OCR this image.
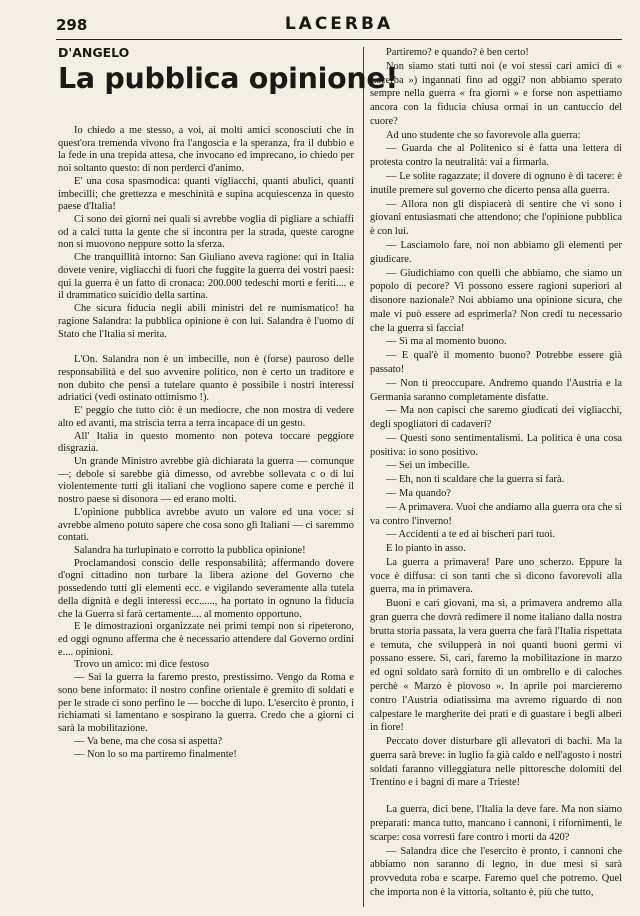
298	LACERBA
D'ANGELO
La pubblica opinione!

Io chiedo a me stesso, a voi, ai molti amici sconosciuti che in quest'ora tremenda vivono fra l'angoscia e la speranza, fra il dubbio e la fede in una trepida attesa, che invocano ed imprecano, io chiedo per noi soltanto questo: di non perderci d'animo.

E' una cosa spasmodica: quanti vigliacchi, quanti abulici, quanti imbecilli; che grettezza e meschinità e supina acquiescenza in questo paese d'Italia!

Ci sono dei giorni nei quali si avrebbe voglia di pigliare a schiaffi od a calci tutta la gente che si incontra per la strada, queste carogne non si muovono neppure sotto la sferza.

Che tranquillità intorno: San Giuliano aveva ragione: qui in Italia dovete venire, vigliacchi di fuori che fuggite la guerra dei vostri paesi: qui la guerra è un fatto di cronaca: 200.000 tedeschi morti e feriti.... e il drammatico suicidio della sartina.

Che sicura fiducia negli abili ministri del re numismatico! ha ragione Salandra: la pubblica opinione è con lui. Salandra è l'uomo di Stato che l'Italia si merita.

L'On. Salandra non è un imbecille, non è (forse) pauroso delle responsabilità e del suo avvenire politico, non è certo un traditore e non dubito che pensi a tutelare quanto è possibile i nostri interessi adriatici (vedi ostinato ottimismo !).

E' peggio che tutto ciò: è un mediocre, che non mostra di vedere alto ed avanti, ma striscia terra a terra incapace di un gesto.

All' Italia in questo momento non poteva toccare peggiore disgrazia.

Un grande Ministro avrebbe già dichiarata la guerra — comunque —; debole si sarebbe già dimesso, od avrebbe sollevata c o di lui violentemente tutti gli italiani che vogliono sapere come e perchè il nostro paese si disonora — ed erano molti.

L'opinione pubblica avrebbe avuto un valore ed una voce: si avrebbe almeno potuto sapere che cosa sono gli Italiani — ci saremmo contati.

Salandra ha turlupinato e corrotto la pubblica opinione!

Proclamandosi conscio delle responsabilità; affermando dovere d'ogni cittadino non turbare la libera azione del Governo che possedendo tutti gli elementi ecc. e vigilando severamente alla tutela della dignità e degli interessi ecc......, ha portato in ognuno la fiducia che la Guerra si farà certamente.... al momento opportuno.

E le dimostrazioni organizzate nei primi tempi non si ripeterono, ed oggi ognuno afferma che è necessario attendere dal Governo ordini e.... opinioni.

Trovo un amico: mi dice festoso

— Sai la guerra la faremo presto, prestissimo. Vengo da Roma e sono bene informato: il nostro confine orientale è gremito di soldati e per le strade ci sono perfino le — bocche di lupo. L'esercito è pronto, i richiamati si lamentano e sospirano la guerra. Credo che a giorni ci sarà la mobilitazione.

— Va bene, ma che cosa si aspetta?

— Non lo so ma partiremo finalmente!

Partiremo? e quando? è ben certo!

Non siamo stati tutti noi (e voi stessi cari amici di « Lacerba ») ingannati fino ad oggi? non abbiamo sperato sempre nella guerra « fra giorni » e forse non aspettiamo ancora con la fiducia chiusa ormai in un cantuccio del cuore?

Ad uno studente che so favorevole alla guerra:

— Guarda che al Politenico si è fatta una lettera di protesta contro la neutralità: vai a firmarla.

— Le solite ragazzate; il dovere di ognuno è di tacere: è inutile premere sul governo che dicerto pensa alla guerra.

— Allora non gli dispiacerà di sentire che vi sono i giovani entusiasmati che attendono; che l'opinione pubblica è con lui.

— Lasciamolo fare, noi non abbiamo gli elementi per giudicare.

— Giudichiamo con quelli che abbiamo, che siamo un popolo di pecore? Vi possono essere ragioni superiori al disonore nazionale? Noi abbiamo una opinione sicura, che male vi può essere ad esprimerla? Non credi tu necessario che la guerra si faccia!

— Sì ma al momento buono.

— E qual'è il momento buono? Potrebbe essere già passato!

— Non ti preoccupare. Andremo quando l'Austria e la Germania saranno completamente disfatte.

— Ma non capisci che saremo giudicati dei vigliacchi, degli spogliatori di cadaveri?

— Questi sono sentimentalismi. La politica è una cosa positiva: io sono positivo.

— Sei un imbecille.

— Eh, non ti scaldare che la guerra si farà.

— Ma quando?

— A primavera. Vuoi che andiamo alla guerra ora che si va contro l'inverno!

— Accidenti a te ed ai bischeri pari tuoi.

E lo pianto in asso.

La guerra a primavera! Pare uno scherzo. Eppure la voce è diffusa: ci son tanti che si dicono favorevoli alla guerra, ma in primavera.

Buoni e cari giovani, ma sì, a primavera andremo alla gran guerra che dovrà redimere il nome italiano dalla nostra brutta storia passata, la vera guerra che farà l'Italia rispettata e temuta, che svilupperà in noi quanti buoni germi vi possano essere. Sì, cari, faremo la mobilitazione in marzo ed ogni soldato sarà fornito di un ombrello e di caloches perchè « Marzo è piovoso ». In aprile poi marcieremo contro l'Austria odiatissima ma avremo riguardo di non calpestare le margherite dei prati e di guastare i begli alberi in fiore!

Peccato dover disturbare gli allevatori di bachi. Ma la guerra sarà breve: in luglio fa già caldo e nell'agosto i nostri soldati faranno villeggiatura nelle pittoresche dolomiti del Trentino e i bagni di mare a Trieste!

La guerra, dici bene, l'Italia la deve fare. Ma non siamo preparati: manca tutto, mancano i cannoni, i rifornimenti, le scarpe: cosa vorresti fare contro i morti da 420?

— Salandra dice che l'esercito è pronto, i cannoni che abbiamo non saranno di legno, in due mesi si sarà provveduta roba e scarpe. Faremo quel che potremo. Quel che importa non è la vittoria, soltanto è, più che tutto,
